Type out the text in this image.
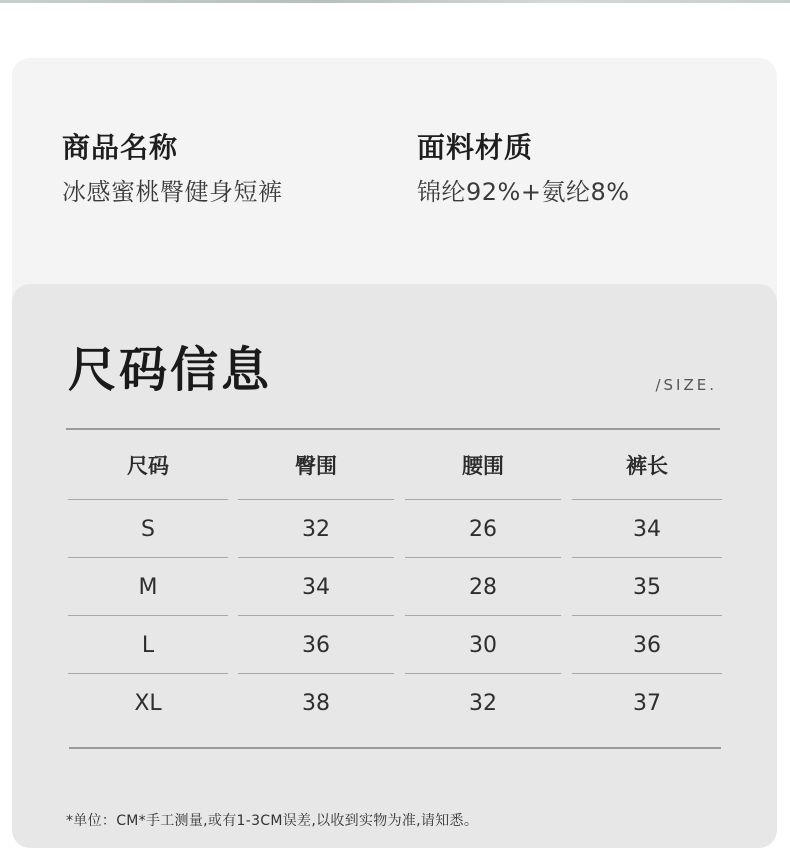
商品名称
冰感蜜桃臀健身短裤
面料材质
锦纶92%+氨纶8%
尺码信息	/SIZE.
尺码	臀围	腰围	裤长
S	32	26	34
M	34	28	35
L	36	30	36
XL	38	32	37
*单位：CM*手工测量,或有1-3CM误差,以收到实物为准,请知悉。
